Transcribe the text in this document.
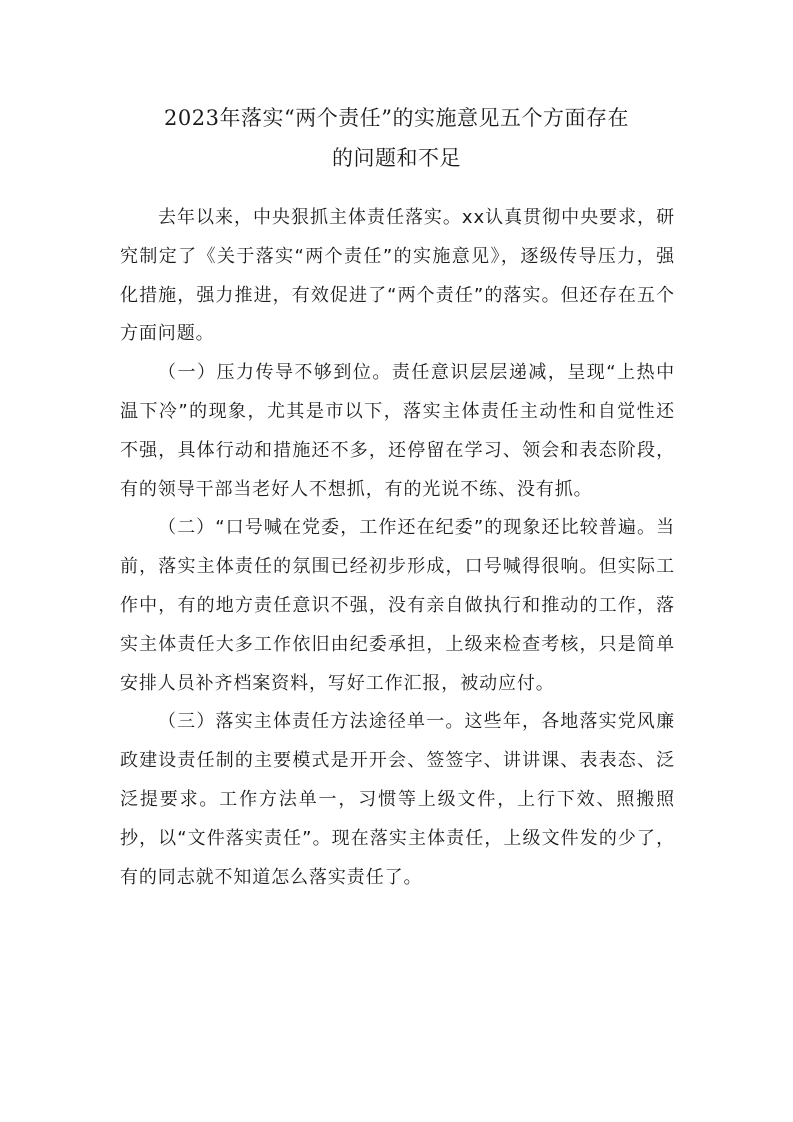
2023年落实“两个责任”的实施意见五个方面存在
的问题和不足

去年以来，中央狠抓主体责任落实。xx认真贯彻中央要求，研究制定了《关于落实“两个责任”的实施意见》，逐级传导压力，强化措施，强力推进，有效促进了“两个责任”的落实。但还存在五个方面问题。

（一）压力传导不够到位。责任意识层层递减，呈现“上热中温下冷”的现象，尤其是市以下，落实主体责任主动性和自觉性还不强，具体行动和措施还不多，还停留在学习、领会和表态阶段，有的领导干部当老好人不想抓，有的光说不练、没有抓。

（二）“口号喊在党委，工作还在纪委”的现象还比较普遍。当前，落实主体责任的氛围已经初步形成，口号喊得很响。但实际工作中，有的地方责任意识不强，没有亲自做执行和推动的工作，落实主体责任大多工作依旧由纪委承担，上级来检查考核，只是简单安排人员补齐档案资料，写好工作汇报，被动应付。

（三）落实主体责任方法途径单一。这些年，各地落实党风廉政建设责任制的主要模式是开开会、签签字、讲讲课、表表态、泛泛提要求。工作方法单一，习惯等上级文件，上行下效、照搬照抄，以“文件落实责任”。现在落实主体责任，上级文件发的少了，有的同志就不知道怎么落实责任了。
